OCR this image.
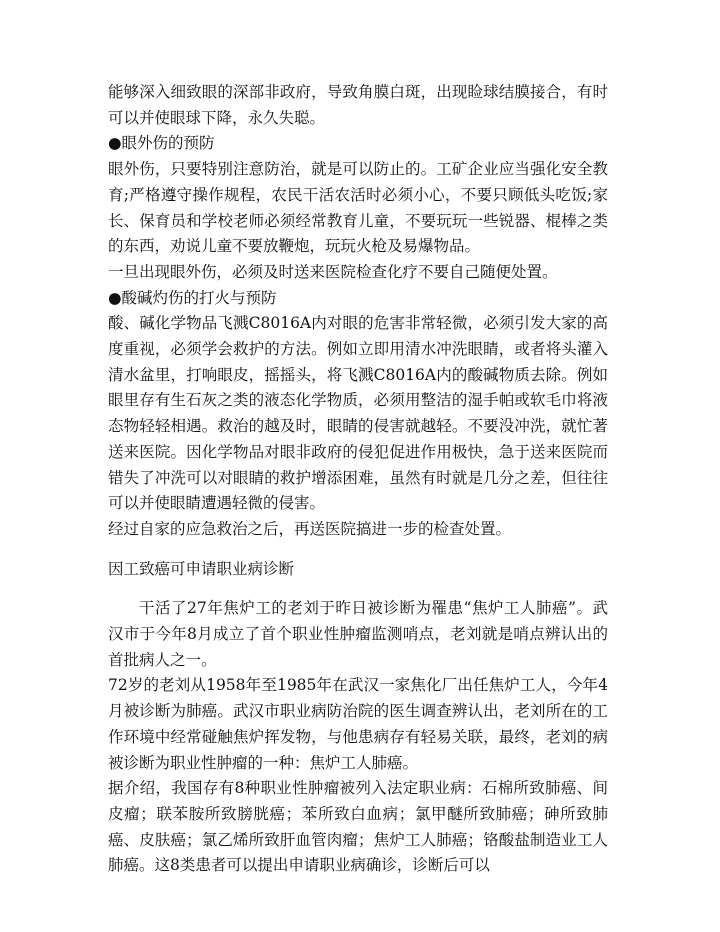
能够深入细致眼的深部非政府，导致角膜白斑，出现睑球结膜接合，有时可以并使眼球下降，永久失聪。

●眼外伤的预防

眼外伤，只要特别注意防治，就是可以防止的。工矿企业应当强化安全教育;严格遵守操作规程，农民干活农活时必须小心，不要只顾低头吃饭;家长、保育员和学校老师必须经常教育儿童，不要玩玩一些锐器、棍棒之类的东西，劝说儿童不要放鞭炮，玩玩火枪及易爆物品。

一旦出现眼外伤，必须及时送来医院检查化疗不要自己随便处置。

●酸碱灼伤的打火与预防

酸、碱化学物品飞溅C8016A内对眼的危害非常轻微，必须引发大家的高度重视，必须学会救护的方法。例如立即用清水冲洗眼睛，或者将头灌入清水盆里，打响眼皮，摇摇头，将飞溅C8016A内的酸碱物质去除。例如眼里存有生石灰之类的液态化学物质，必须用整洁的湿手帕或软毛巾将液态物轻轻相遇。救治的越及时，眼睛的侵害就越轻。不要没冲洗，就忙著送来医院。因化学物品对眼非政府的侵犯促进作用极快，急于送来医院而错失了冲洗可以对眼睛的救护增添困难，虽然有时就是几分之差，但往往可以并使眼睛遭遇轻微的侵害。

经过自家的应急救治之后，再送医院搞进一步的检查处置。

因工致癌可申请职业病诊断

干活了27年焦炉工的老刘于昨日被诊断为罹患“焦炉工人肺癌”。武汉市于今年8月成立了首个职业性肿瘤监测哨点，老刘就是哨点辨认出的首批病人之一。

72岁的老刘从1958年至1985年在武汉一家焦化厂出任焦炉工人，今年4月被诊断为肺癌。武汉市职业病防治院的医生调查辨认出，老刘所在的工作环境中经常碰触焦炉挥发物，与他患病存有轻易关联，最终，老刘的病被诊断为职业性肿瘤的一种：焦炉工人肺癌。

据介绍，我国存有8种职业性肿瘤被列入法定职业病：石棉所致肺癌、间皮瘤；联苯胺所致膀胱癌；苯所致白血病；氯甲醚所致肺癌；砷所致肺癌、皮肤癌；氯乙烯所致肝血管肉瘤；焦炉工人肺癌；铬酸盐制造业工人肺癌。这8类患者可以提出申请职业病确诊，诊断后可以
